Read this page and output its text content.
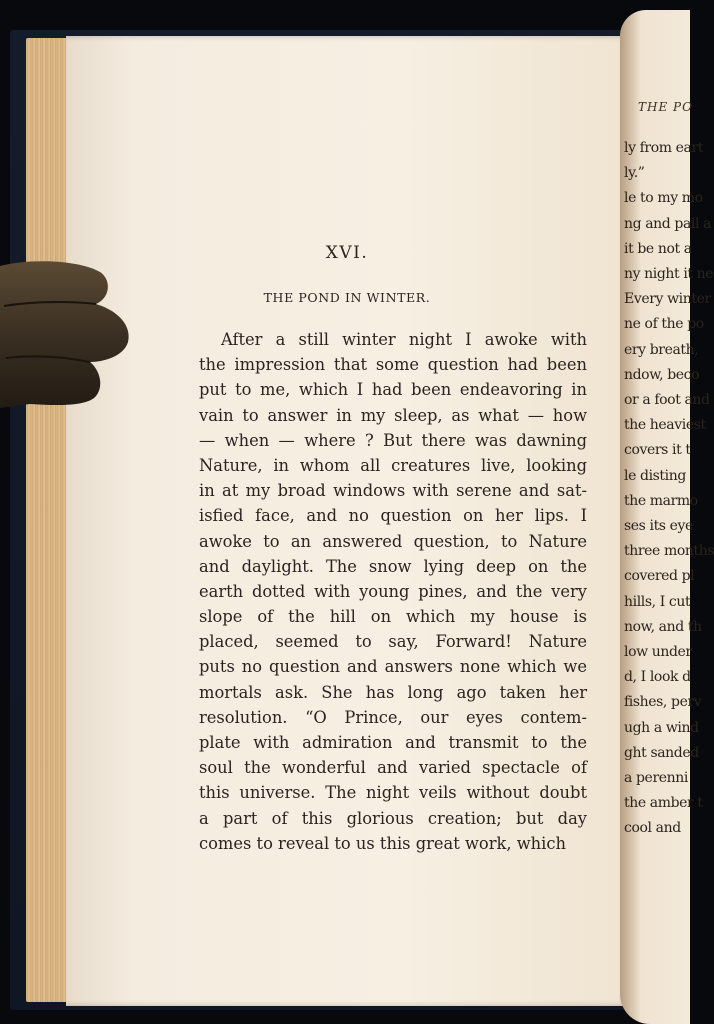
THE PO
ly from eart
ly.”
le to my mo
ng and pail a
it be not a
ny night it ne
Every winter
ne of the po
ery breath,
ndow, beco
or a foot and
the heaviest
covers it t
le disting
the marmo
ses its eye
three months
covered pl
hills, I cut
now, and th
low under
d, I look d
fishes, perv
ugh a wind
ght sanded
a perenni
the amber t
cool and
XVI.
THE POND IN WINTER.
After a still winter night I awoke with
the impression that some question had been
put to me, which I had been endeavoring in
vain to answer in my sleep, as what — how
— when — where ? But there was dawning
Nature, in whom all creatures live, looking
in at my broad windows with serene and sat-
isfied face, and no question on her lips. I
awoke to an answered question, to Nature
and daylight. The snow lying deep on the
earth dotted with young pines, and the very
slope of the hill on which my house is
placed, seemed to say, Forward! Nature
puts no question and answers none which we
mortals ask. She has long ago taken her
resolution. “O Prince, our eyes contem-
plate with admiration and transmit to the
soul the wonderful and varied spectacle of
this universe. The night veils without doubt
a part of this glorious creation; but day
comes to reveal to us this great work, which
